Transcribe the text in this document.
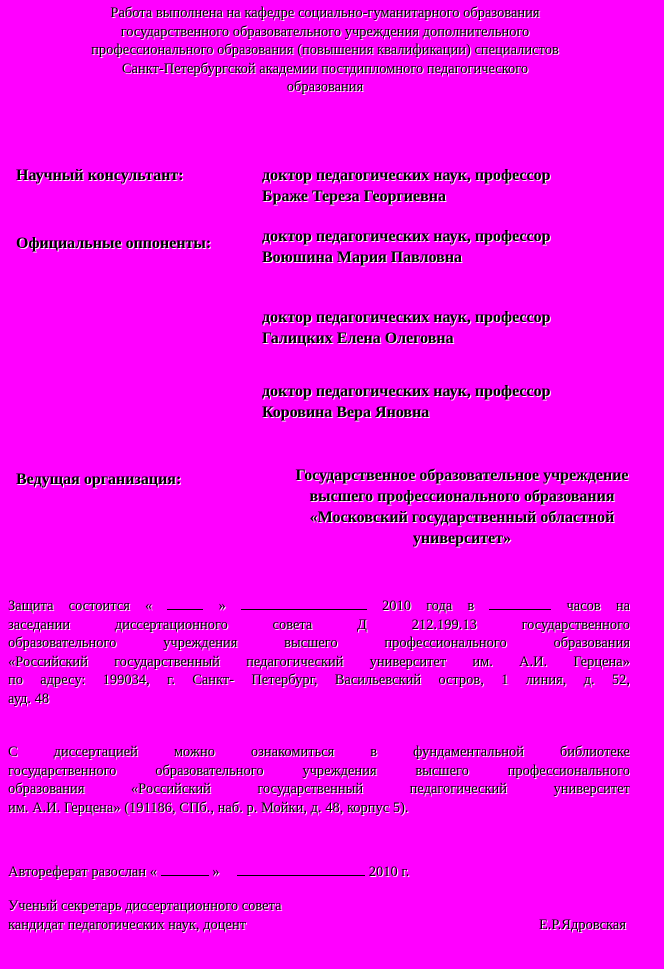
Работа выполнена на кафедре социально-гуманитарного образования
государственного образовательного учреждения дополнительного
профессионального образования (повышения квалификации) специалистов
Санкт-Петербургской академии постдипломного педагогического
образования
Научный консультант:	доктор педагогических наук, профессор
Браже Тереза Георгиевна
Официальные оппоненты:	доктор педагогических наук, профессор
Воюшина Мария Павловна
доктор педагогических наук, профессор
Галицких Елена Олеговна
доктор педагогических наук, профессор
Коровина Вера Яновна
Ведущая организация:	Государственное образовательное учреждение
высшего профессионального образования
«Московский государственный областной
университет»
Защита состоится «	»	2010 года в	часов на
заседании диссертационного совета Д 212.199.13 государственного
образовательного учреждения высшего профессионального образования
«Российский государственный педагогический университет им. А.И. Герцена»
по адресу: 199034, г. Санкт- Петербург, Васильевский остров, 1 линия, д. 52,
ауд. 48
С диссертацией можно ознакомиться в фундаментальной библиотеке
государственного образовательного учреждения высшего профессионального
образования «Российский государственный педагогический университет
им. А.И. Герцена» (191186, СПб., наб. р. Мойки, д. 48, корпус 5).
Автореферат разослан «	»	2010 г.
Ученый секретарь диссертационного совета
кандидат педагогических наук, доцент	Е.Р.Ядровская
